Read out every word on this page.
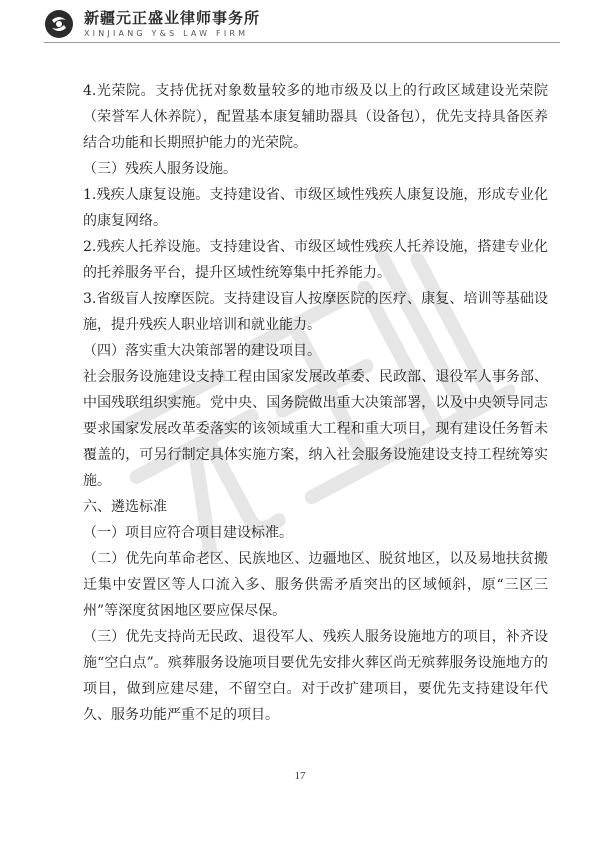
新疆元正盛业律师事务所
XINJIANG Y&S LAW FIRM

4.光荣院。支持优抚对象数量较多的地市级及以上的行政区域建设光荣院（荣誉军人休养院），配置基本康复辅助器具（设备包），优先支持具备医养结合功能和长期照护能力的光荣院。

（三）残疾人服务设施。

1.残疾人康复设施。支持建设省、市级区域性残疾人康复设施，形成专业化的康复网络。

2.残疾人托养设施。支持建设省、市级区域性残疾人托养设施，搭建专业化的托养服务平台，提升区域性统筹集中托养能力。

3.省级盲人按摩医院。支持建设盲人按摩医院的医疗、康复、培训等基础设施，提升残疾人职业培训和就业能力。

（四）落实重大决策部署的建设项目。

社会服务设施建设支持工程由国家发展改革委、民政部、退役军人事务部、中国残联组织实施。党中央、国务院做出重大决策部署，以及中央领导同志要求国家发展改革委落实的该领域重大工程和重大项目，现有建设任务暂未覆盖的，可另行制定具体实施方案，纳入社会服务设施建设支持工程统筹实施。

六、遴选标准

（一）项目应符合项目建设标准。

（二）优先向革命老区、民族地区、边疆地区、脱贫地区，以及易地扶贫搬迁集中安置区等人口流入多、服务供需矛盾突出的区域倾斜，原“三区三州”等深度贫困地区要应保尽保。

（三）优先支持尚无民政、退役军人、残疾人服务设施地方的项目，补齐设施“空白点”。殡葬服务设施项目要优先安排火葬区尚无殡葬服务设施地方的项目，做到应建尽建，不留空白。对于改扩建项目，要优先支持建设年代久、服务功能严重不足的项目。

17
